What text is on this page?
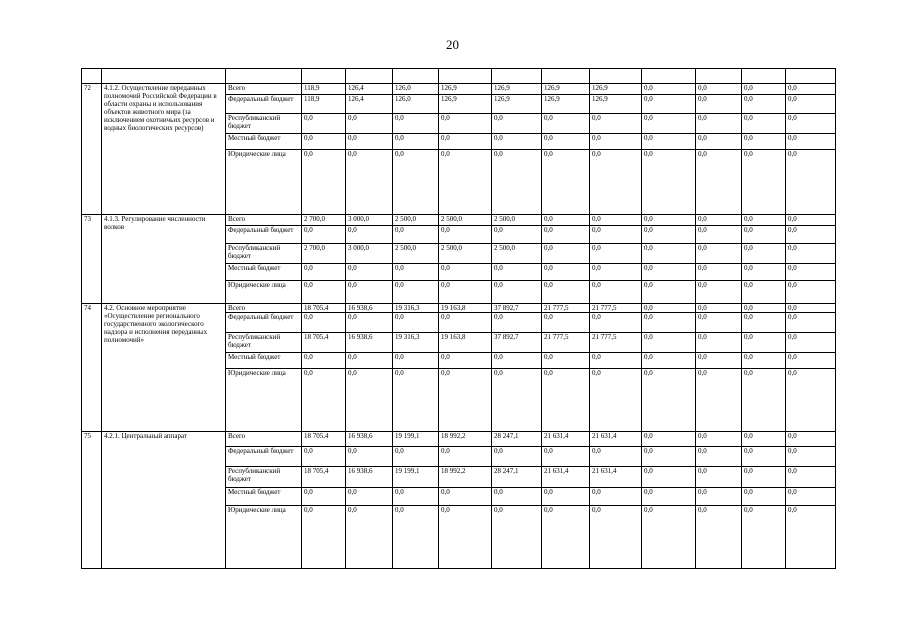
20

72	4.1.2. Осуществление переданных полномочий Российской Федерации в области охраны и использования объектов животного мира (за исключением охотничьих ресурсов и водных биологических ресурсов)	Всего	118,9	126,4	126,0	126,9	126,9	126,9	126,9	0,0	0,0	0,0	0,0
		Федеральный бюджет	118,9	126,4	126,0	126,9	126,9	126,9	126,9	0,0	0,0	0,0	0,0
		Республиканский бюджет	0,0	0,0	0,0	0,0	0,0	0,0	0,0	0,0	0,0	0,0	0,0
		Местный бюджет	0,0	0,0	0,0	0,0	0,0	0,0	0,0	0,0	0,0	0,0	0,0
		Юридические лица	0,0	0,0	0,0	0,0	0,0	0,0	0,0	0,0	0,0	0,0	0,0
73	4.1.3. Регулирование численности волков	Всего	2 700,0	3 000,0	2 500,0	2 500,0	2 500,0	0,0	0,0	0,0	0,0	0,0	0,0
		Федеральный бюджет	0,0	0,0	0,0	0,0	0,0	0,0	0,0	0,0	0,0	0,0	0,0
		Республиканский бюджет	2 700,0	3 000,0	2 500,0	2 500,0	2 500,0	0,0	0,0	0,0	0,0	0,0	0,0
		Местный бюджет	0,0	0,0	0,0	0,0	0,0	0,0	0,0	0,0	0,0	0,0	0,0
		Юридические лица	0,0	0,0	0,0	0,0	0,0	0,0	0,0	0,0	0,0	0,0	0,0
74	4.2. Основное мероприятие «Осуществление регионального государственного экологического надзора и исполнения переданных полномочий»	Всего	18 705,4	16 938,6	19 316,3	19 163,8	37 892,7	21 777,5	21 777,5	0,0	0,0	0,0	0,0
		Федеральный бюджет	0,0	0,0	0,0	0,0	0,0	0,0	0,0	0,0	0,0	0,0	0,0
		Республиканский бюджет	18 705,4	16 938,6	19 316,3	19 163,8	37 892,7	21 777,5	21 777,5	0,0	0,0	0,0	0,0
		Местный бюджет	0,0	0,0	0,0	0,0	0,0	0,0	0,0	0,0	0,0	0,0	0,0
		Юридические лица	0,0	0,0	0,0	0,0	0,0	0,0	0,0	0,0	0,0	0,0	0,0
75	4.2.1. Центральный аппарат	Всего	18 705,4	16 938,6	19 199,1	18 992,2	28 247,1	21 631,4	21 631,4	0,0	0,0	0,0	0,0
		Федеральный бюджет	0,0	0,0	0,0	0,0	0,0	0,0	0,0	0,0	0,0	0,0	0,0
		Республиканский бюджет	18 705,4	16 938,6	19 199,1	18 992,2	28 247,1	21 631,4	21 631,4	0,0	0,0	0,0	0,0
		Местный бюджет	0,0	0,0	0,0	0,0	0,0	0,0	0,0	0,0	0,0	0,0	0,0
		Юридические лица	0,0	0,0	0,0	0,0	0,0	0,0	0,0	0,0	0,0	0,0	0,0
